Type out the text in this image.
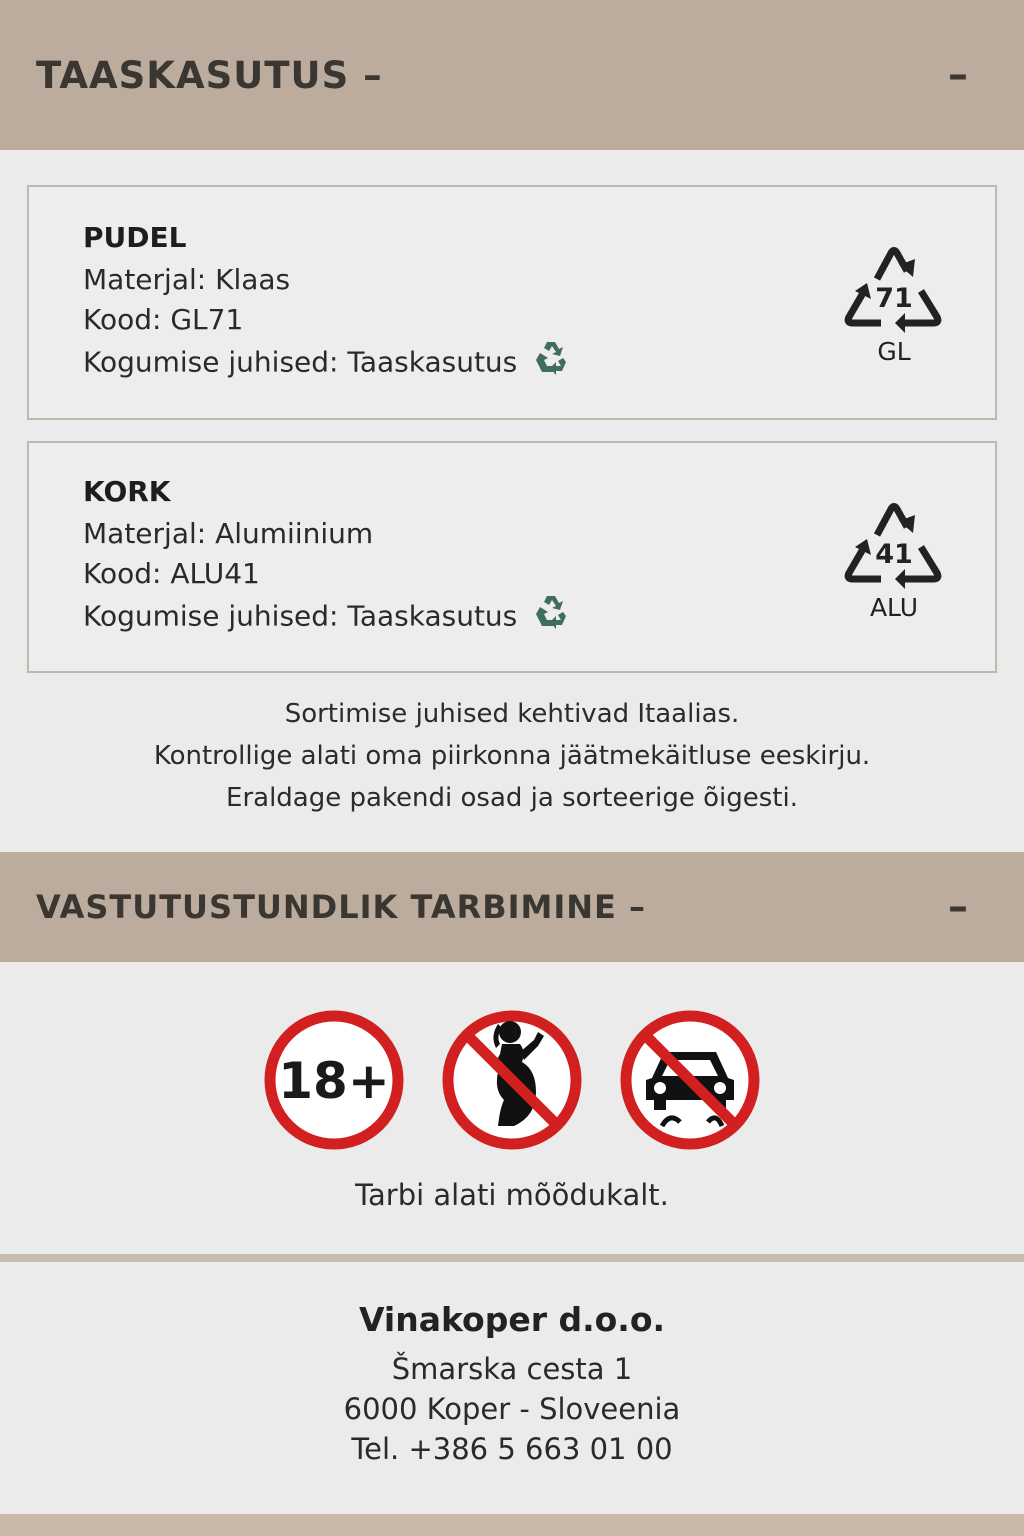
TAASKASUTUS –	–
PUDEL
Materjal: Klaas
Kood: GL71
Kogumise juhised: Taaskasutus
71
GL
KORK
Materjal: Alumiinium
Kood: ALU41
Kogumise juhised: Taaskasutus
41
ALU
Sortimise juhised kehtivad Itaalias.
Kontrollige alati oma piirkonna jäätmekäitluse eeskirju.
Eraldage pakendi osad ja sorteerige õigesti.
VASTUTUSTUNDLIK TARBIMINE –	–
18+
Tarbi alati mõõdukalt.
Vinakoper d.o.o.
Šmarska cesta 1
6000 Koper - Sloveenia
Tel. +386 5 663 01 00
